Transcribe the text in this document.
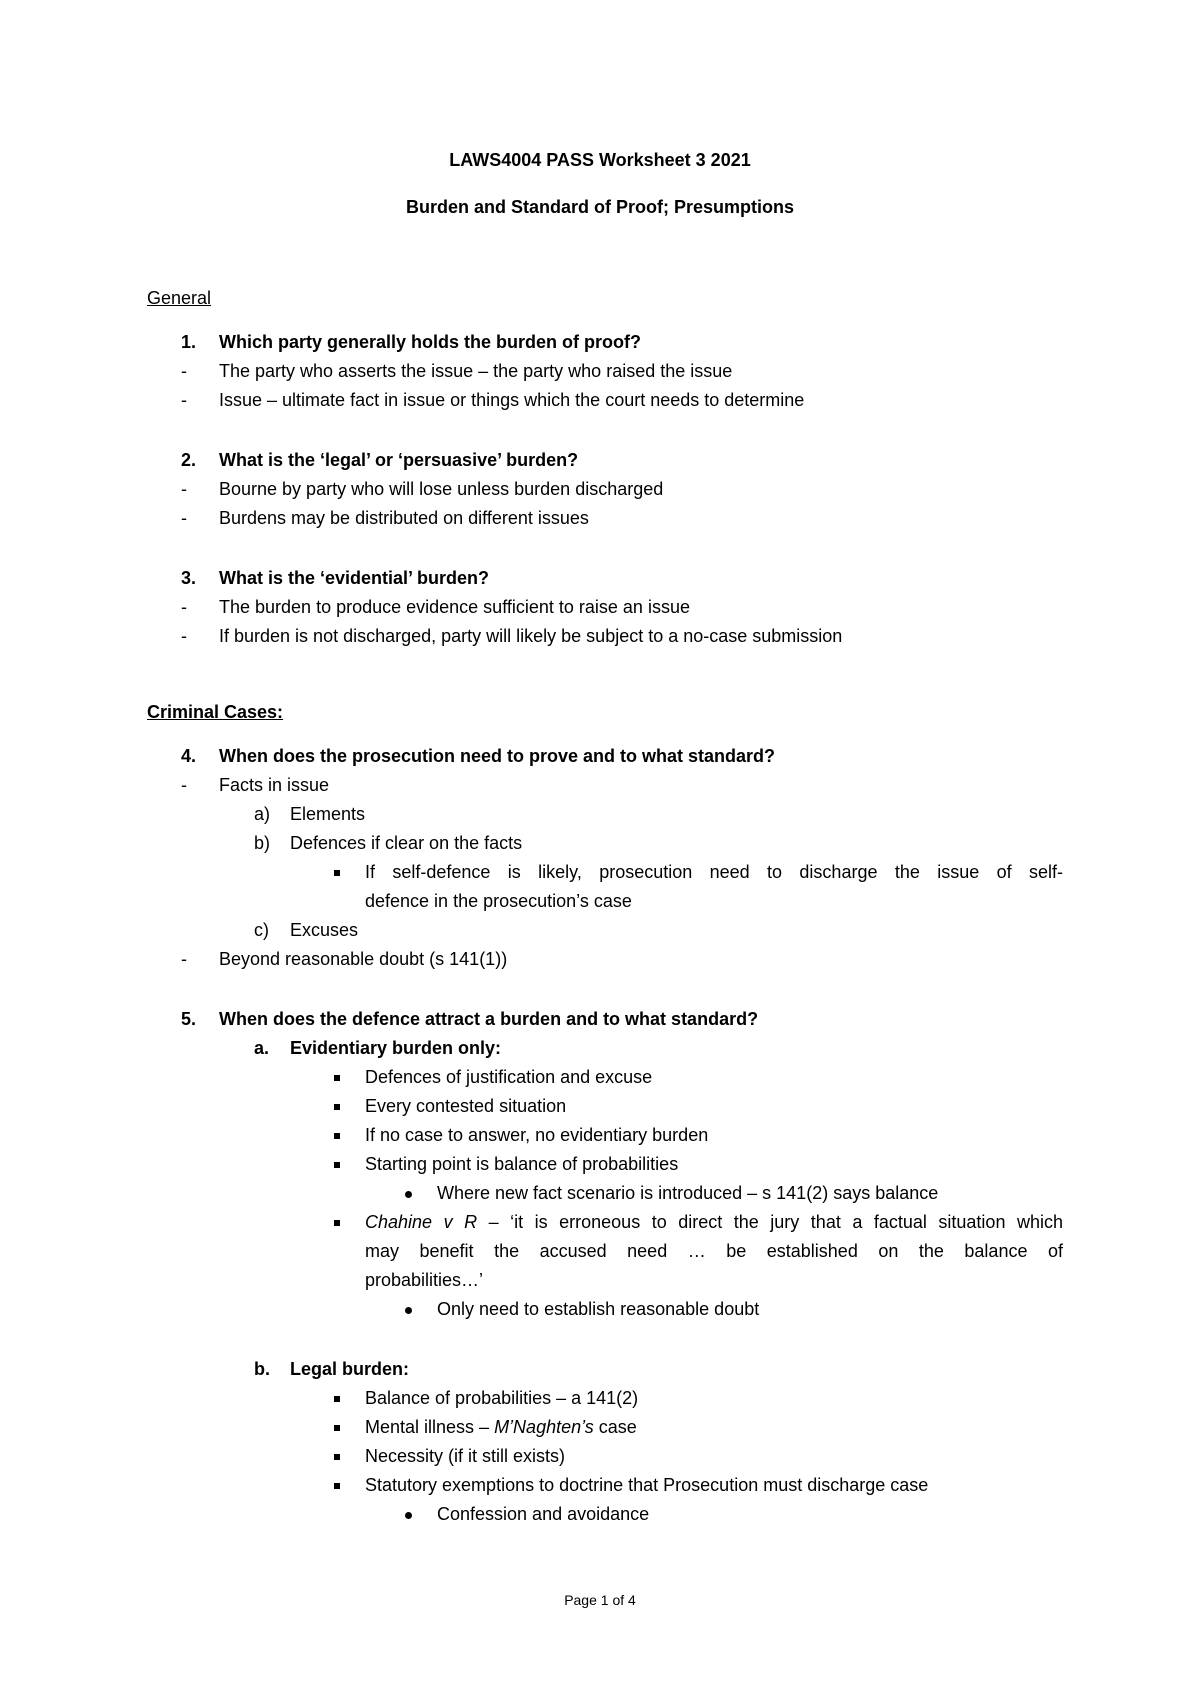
LAWS4004 PASS Worksheet 3 2021
Burden and Standard of Proof; Presumptions
General
1. Which party generally holds the burden of proof?
- The party who asserts the issue – the party who raised the issue
- Issue – ultimate fact in issue or things which the court needs to determine
2. What is the ‘legal’ or ‘persuasive’ burden?
- Bourne by party who will lose unless burden discharged
- Burdens may be distributed on different issues
3. What is the ‘evidential’ burden?
- The burden to produce evidence sufficient to raise an issue
- If burden is not discharged, party will likely be subject to a no-case submission
Criminal Cases:
4. When does the prosecution need to prove and to what standard?
- Facts in issue
a) Elements
b) Defences if clear on the facts
If self-defence is likely, prosecution need to discharge the issue of self-
defence in the prosecution’s case
c) Excuses
- Beyond reasonable doubt (s 141(1))
5. When does the defence attract a burden and to what standard?
a. Evidentiary burden only:
Defences of justification and excuse
Every contested situation
If no case to answer, no evidentiary burden
Starting point is balance of probabilities
Where new fact scenario is introduced – s 141(2) says balance
Chahine v R – ‘it is erroneous to direct the jury that a factual situation which
may benefit the accused need … be established on the balance of
probabilities…’
Only need to establish reasonable doubt
b. Legal burden:
Balance of probabilities – a 141(2)
Mental illness – M’Naghten’s case
Necessity (if it still exists)
Statutory exemptions to doctrine that Prosecution must discharge case
Confession and avoidance
Page 1 of 4
